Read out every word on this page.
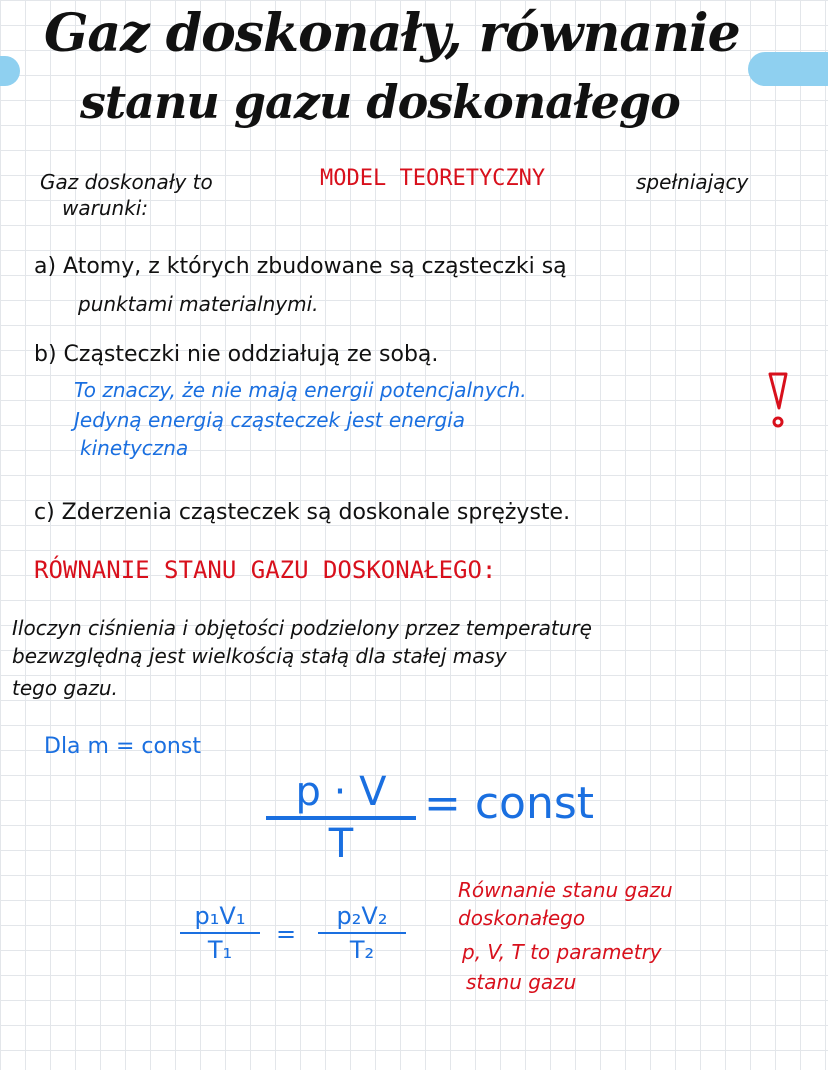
Gaz doskonały, równanie
stanu gazu doskonałego
Gaz doskonały to	MODEL TEORETYCZNY	spełniający
warunki:
a) Atomy, z których zbudowane są cząsteczki są
punktami materialnymi.
b) Cząsteczki nie oddziałują ze sobą.
To znaczy, że nie mają energii potencjalnych.
Jedyną energią cząsteczek jest energia
kinetyczna
c) Zderzenia cząsteczek są doskonale sprężyste.
RÓWNANIE STANU GAZU DOSKONAŁEGO:
Iloczyn ciśnienia i objętości podzielony przez temperaturę
bezwzględną jest wielkością stałą dla stałej masy
tego gazu.
Dla m = const
p · V
T
= const
p₁V₁
T₁
=
p₂V₂
T₂
Równanie stanu gazu
doskonałego
p, V, T to parametry
stanu gazu
